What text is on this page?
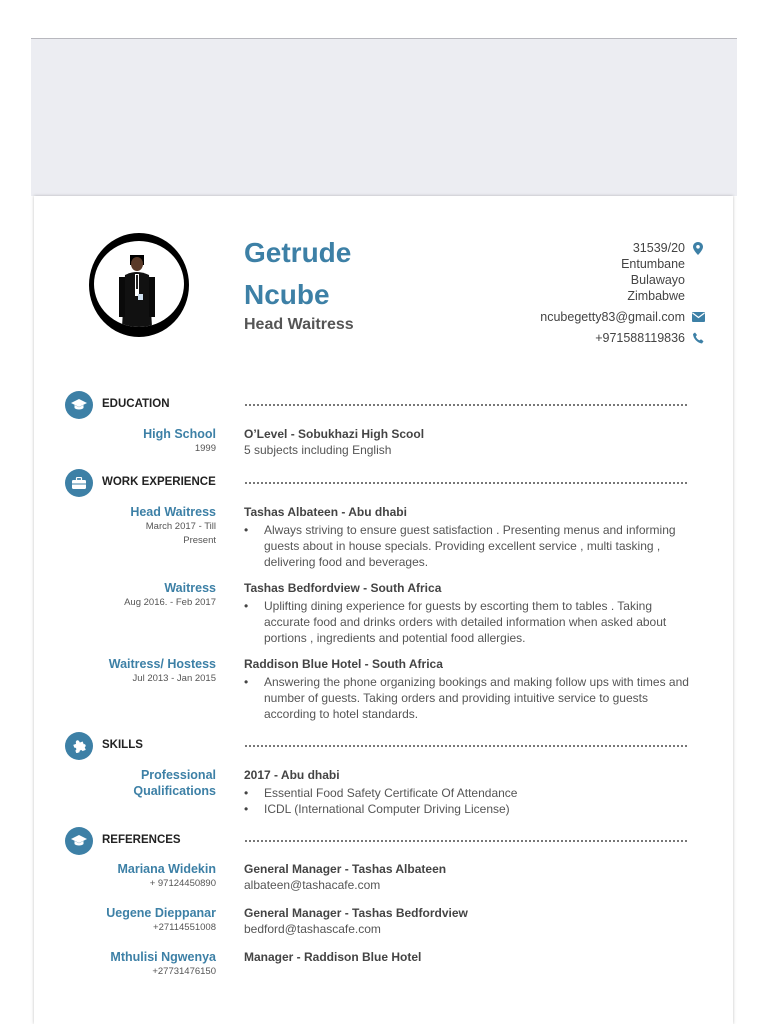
Getrude
Ncube
Head Waitress
31539/20
Entumbane
Bulawayo
Zimbabwe
ncubegetty83@gmail.com
+971588119836
EDUCATION
High School
1999
O’Level - Sobukhazi High Scool
5 subjects including English
WORK EXPERIENCE
Head Waitress
March 2017 - Till
Present
Tashas Albateen - Abu dhabi
• Always striving to ensure guest satisfaction . Presenting menus and informing guests about in house specials. Providing excellent service , multi tasking , delivering food and beverages.
Waitress
Aug 2016. - Feb 2017
Tashas Bedfordview - South Africa
• Uplifting dining experience for guests by escorting them to tables . Taking accurate food and drinks orders with detailed information when asked about portions , ingredients and potential food allergies.
Waitress/ Hostess
Jul 2013 - Jan 2015
Raddison Blue Hotel - South Africa
• Answering the phone organizing bookings and making follow ups with times and number of guests. Taking orders and providing intuitive service to guests according to hotel standards.
SKILLS
Professional
Qualifications
2017 - Abu dhabi
• Essential Food Safety Certificate Of Attendance
• ICDL (International Computer Driving License)
REFERENCES
Mariana Widekin
+ 97124450890
General Manager - Tashas Albateen
albateen@tashacafe.com
Uegene Dieppanar
+27114551008
General Manager - Tashas Bedfordview
bedford@tashascafe.com
Mthulisi Ngwenya
+27731476150
Manager - Raddison Blue Hotel
